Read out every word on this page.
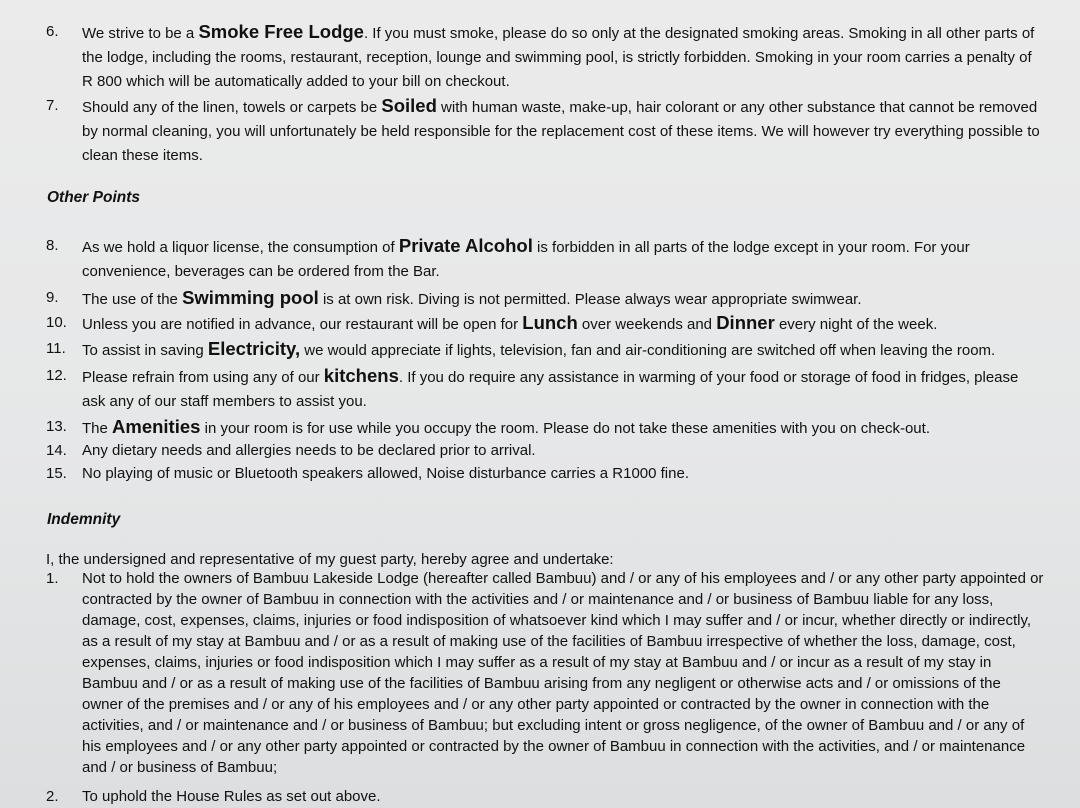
6.	We strive to be a Smoke Free Lodge. If you must smoke, please do so only at the designated smoking areas. Smoking in all other parts of the lodge, including the rooms, restaurant, reception, lounge and swimming pool, is strictly forbidden. Smoking in your room carries a penalty of R 800 which will be automatically added to your bill on checkout.
7.	Should any of the linen, towels or carpets be Soiled with human waste, make-up, hair colorant or any other substance that cannot be removed by normal cleaning, you will unfortunately be held responsible for the replacement cost of these items. We will however try everything possible to clean these items.
Other Points
8.	As we hold a liquor license, the consumption of Private Alcohol is forbidden in all parts of the lodge except in your room. For your convenience, beverages can be ordered from the Bar.
9.	The use of the Swimming pool is at own risk. Diving is not permitted. Please always wear appropriate swimwear.
10.	Unless you are notified in advance, our restaurant will be open for Lunch over weekends and Dinner every night of the week.
11.	To assist in saving Electricity, we would appreciate if lights, television, fan and air-conditioning are switched off when leaving the room.
12.	Please refrain from using any of our kitchens. If you do require any assistance in warming of your food or storage of food in fridges, please ask any of our staff members to assist you.
13.	The Amenities in your room is for use while you occupy the room. Please do not take these amenities with you on check-out.
14.	Any dietary needs and allergies needs to be declared prior to arrival.
15.	No playing of music or Bluetooth speakers allowed, Noise disturbance carries a R1000 fine.
Indemnity
I, the undersigned and representative of my guest party, hereby agree and undertake:
1.	Not to hold the owners of Bambuu Lakeside Lodge (hereafter called Bambuu) and / or any of his employees and / or any other party appointed or contracted by the owner of Bambuu in connection with the activities and / or maintenance and / or business of Bambuu liable for any loss, damage, cost, expenses, claims, injuries or food indisposition of whatsoever kind which I may suffer and / or incur, whether directly or indirectly, as a result of my stay at Bambuu and / or as a result of making use of the facilities of Bambuu irrespective of whether the loss, damage, cost, expenses, claims, injuries or food indisposition which I may suffer as a result of my stay at Bambuu and / or incur as a result of my stay in Bambuu and / or as a result of making use of the facilities of Bambuu arising from any negligent or otherwise acts and / or omissions of the owner of the premises and / or any of his employees and / or any other party appointed or contracted by the owner in connection with the activities, and / or maintenance and / or business of Bambuu; but excluding intent or gross negligence, of the owner of Bambuu and / or any of his employees and / or any other party appointed or contracted by the owner of Bambuu in connection with the activities, and / or maintenance and / or business of Bambuu;
2.	To uphold the House Rules as set out above.
